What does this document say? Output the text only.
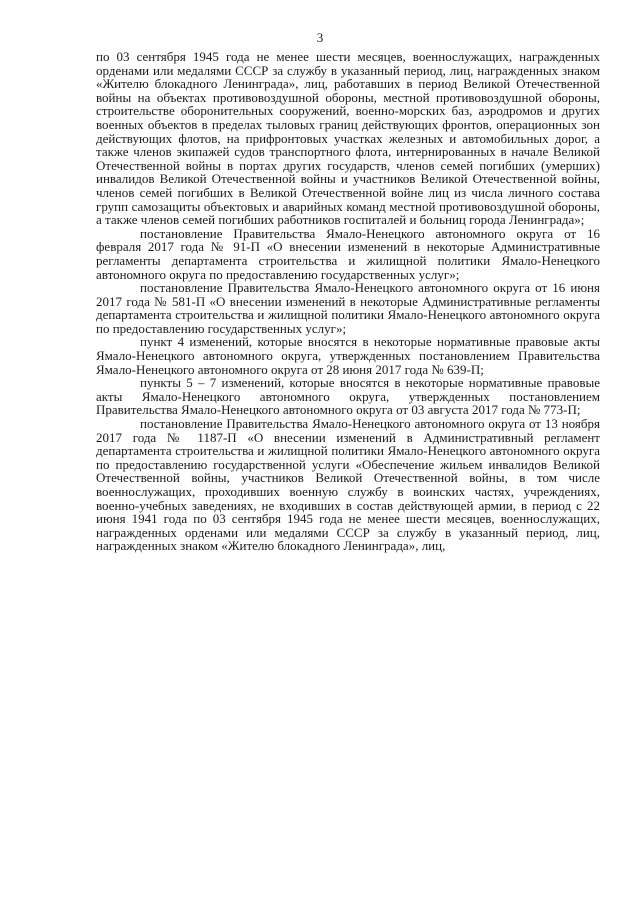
3

по 03 сентября 1945 года не менее шести месяцев, военнослужащих, награжденных орденами или медалями СССР за службу в указанный период, лиц, награжденных знаком «Жителю блокадного Ленинграда», лиц, работавших в период Великой Отечественной войны на объектах противовоздушной обороны, местной противовоздушной обороны, строительстве оборонительных сооружений, военно-морских баз, аэродромов и других военных объектов в пределах тыловых границ действующих фронтов, операционных зон действующих флотов, на прифронтовых участках железных и автомобильных дорог, а также членов экипажей судов транспортного флота, интернированных в начале Великой Отечественной войны в портах других государств, членов семей погибших (умерших) инвалидов Великой Отечественной войны и участников Великой Отечественной войны, членов семей погибших в Великой Отечественной войне лиц из числа личного состава групп самозащиты объектовых и аварийных команд местной противовоздушной обороны, а также членов семей погибших работников госпиталей и больниц города Ленинграда»;

постановление Правительства Ямало-Ненецкого автономного округа от 16 февраля 2017 года № 91-П «О внесении изменений в некоторые Административные регламенты департамента строительства и жилищной политики Ямало-Ненецкого автономного округа по предоставлению государственных услуг»;

постановление Правительства Ямало-Ненецкого автономного округа от 16 июня 2017 года № 581-П «О внесении изменений в некоторые Административные регламенты департамента строительства и жилищной политики Ямало-Ненецкого автономного округа по предоставлению государственных услуг»;

пункт 4 изменений, которые вносятся в некоторые нормативные правовые акты Ямало-Ненецкого автономного округа, утвержденных постановлением Правительства Ямало-Ненецкого автономного округа от 28 июня 2017 года № 639-П;

пункты 5 – 7 изменений, которые вносятся в некоторые нормативные правовые акты Ямало-Ненецкого автономного округа, утвержденных постановлением Правительства Ямало-Ненецкого автономного округа от 03 августа 2017 года № 773-П;

постановление Правительства Ямало-Ненецкого автономного округа от 13 ноября 2017 года № 1187-П «О внесении изменений в Административный регламент департамента строительства и жилищной политики Ямало-Ненецкого автономного округа по предоставлению государственной услуги «Обеспечение жильем инвалидов Великой Отечественной войны, участников Великой Отечественной войны, в том числе военнослужащих, проходивших военную службу в воинских частях, учреждениях, военно-учебных заведениях, не входивших в состав действующей армии, в период с 22 июня 1941 года по 03 сентября 1945 года не менее шести месяцев, военнослужащих, награжденных орденами или медалями СССР за службу в указанный период, лиц, награжденных знаком «Жителю блокадного Ленинграда», лиц,
